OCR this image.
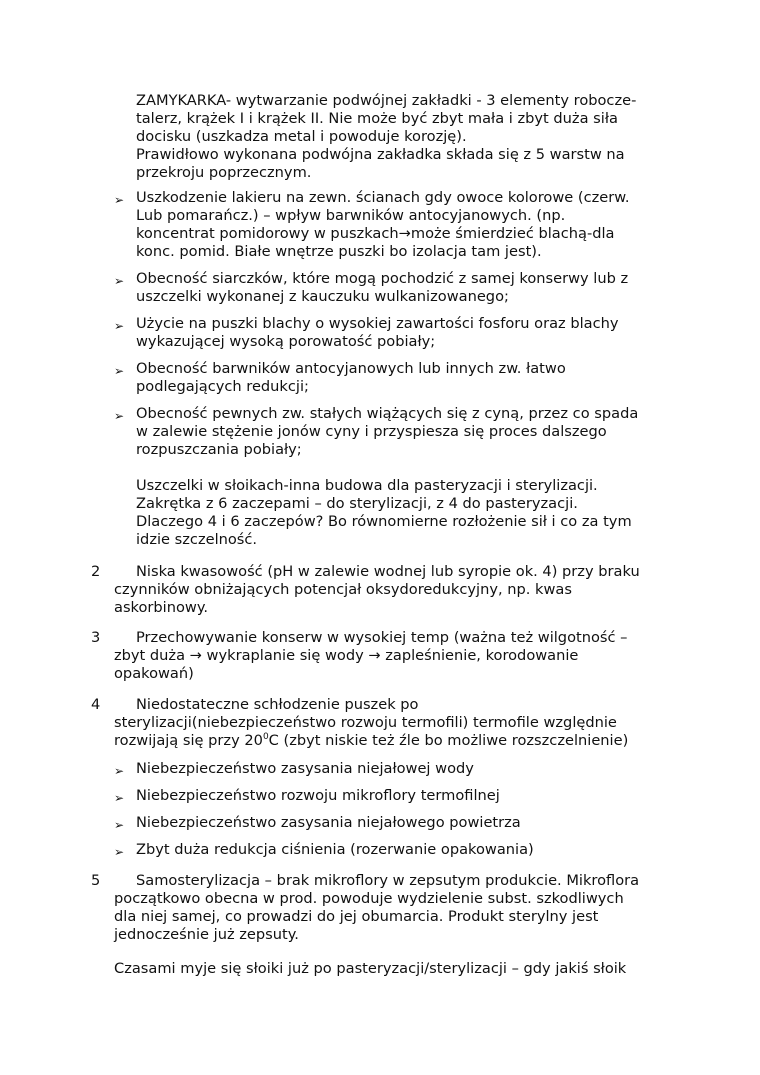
ZAMYKARKA- wytwarzanie podwójnej zakładki - 3 elementy robocze-
talerz, krążek I i krążek II. Nie może być zbyt mała i zbyt duża siła
docisku (uszkadza metal i powoduje korozję).
Prawidłowo wykonana podwójna zakładka składa się z 5 warstw na
przekroju poprzecznym.
➢ Uszkodzenie lakieru na zewn. ścianach gdy owoce kolorowe (czerw.
Lub pomarańcz.) – wpływ barwników antocyjanowych. (np.
koncentrat pomidorowy w puszkach→może śmierdzieć blachą-dla
konc. pomid. Białe wnętrze puszki bo izolacja tam jest).
➢ Obecność siarczków, które mogą pochodzić z samej konserwy lub z
uszczelki wykonanej z kauczuku wulkanizowanego;
➢ Użycie na puszki blachy o wysokiej zawartości fosforu oraz blachy
wykazującej wysoką porowatość pobiały;
➢ Obecność barwników antocyjanowych lub innych zw. łatwo
podlegających redukcji;
➢ Obecność pewnych zw. stałych wiążących się z cyną, przez co spada
w zalewie stężenie jonów cyny i przyspiesza się proces dalszego
rozpuszczania pobiały;
Uszczelki w słoikach-inna budowa dla pasteryzacji i sterylizacji.
Zakrętka z 6 zaczepami – do sterylizacji, z 4 do pasteryzacji.
Dlaczego 4 i 6 zaczepów? Bo równomierne rozłożenie sił i co za tym
idzie szczelność.
2	Niska kwasowość (pH w zalewie wodnej lub syropie ok. 4) przy braku
czynników obniżających potencjał oksydoredukcyjny, np. kwas
askorbinowy.
3	Przechowywanie konserw w wysokiej temp (ważna też wilgotność –
zbyt duża → wykraplanie się wody → zapleśnienie, korodowanie
opakowań)
4	Niedostateczne schłodzenie puszek po
sterylizacji(niebezpieczeństwo rozwoju termofili) termofile względnie
rozwijają się przy $20^0C$ (zbyt niskie też źle bo możliwe rozszczelnienie)
➢ Niebezpieczeństwo zasysania niejałowej wody
➢ Niebezpieczeństwo rozwoju mikroflory termofilnej
➢ Niebezpieczeństwo zasysania niejałowego powietrza
➢ Zbyt duża redukcja ciśnienia (rozerwanie opakowania)
5	Samosterylizacja – brak mikroflory w zepsutym produkcie. Mikroflora
początkowo obecna w prod. powoduje wydzielenie subst. szkodliwych
dla niej samej, co prowadzi do jej obumarcia. Produkt sterylny jest
jednocześnie już zepsuty.
Czasami myje się słoiki już po pasteryzacji/sterylizacji – gdy jakiś słoik
